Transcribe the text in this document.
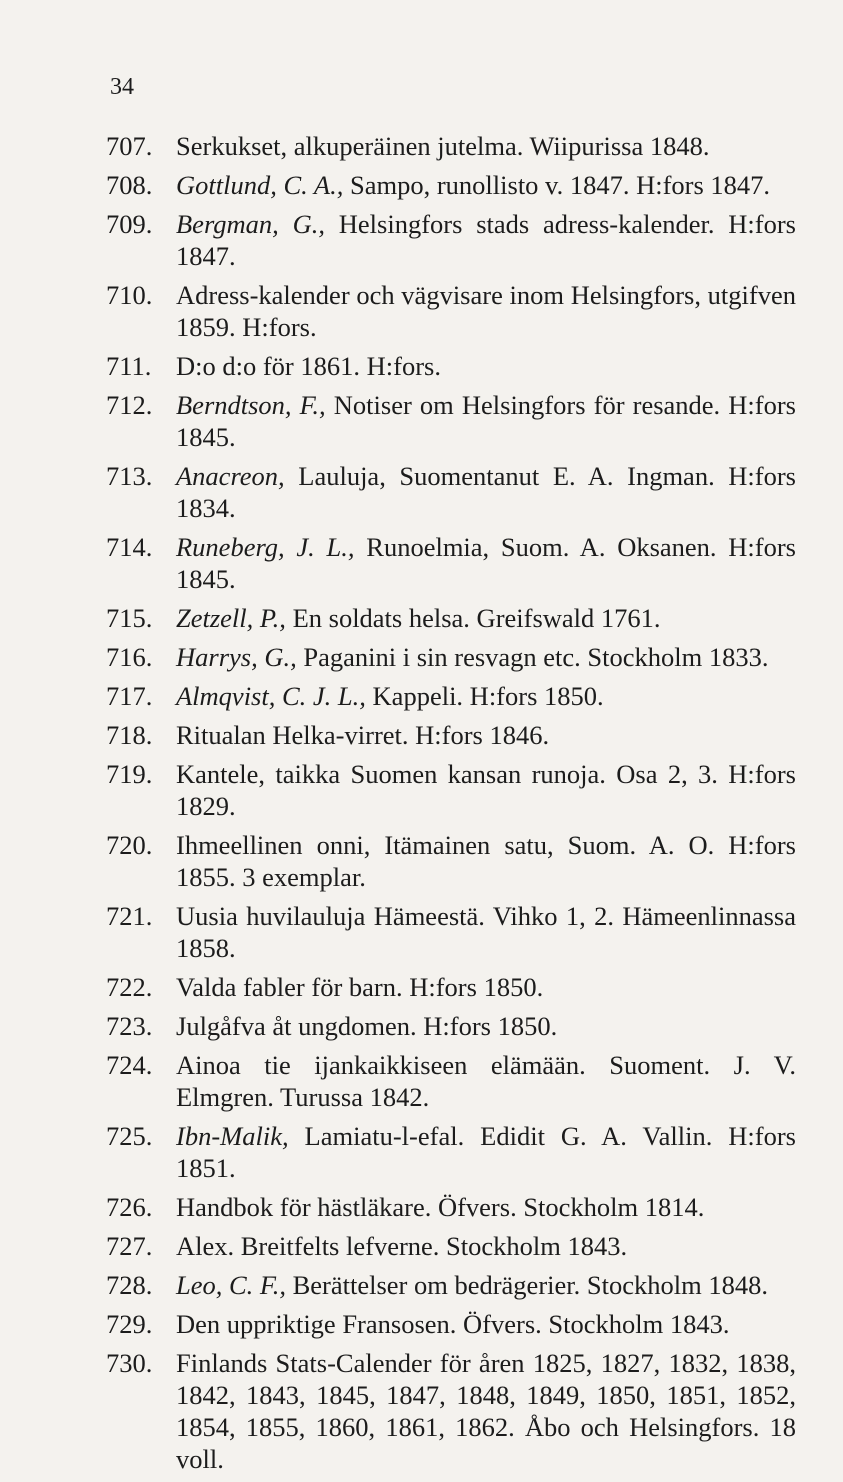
34
707. Serkukset, alkuperäinen jutelma. Wiipurissa 1848.
708. Gottlund, C. A., Sampo, runollisto v. 1847. H:fors 1847.
709. Bergman, G., Helsingfors stads adress-kalender. H:fors 1847.
710. Adress-kalender och vägvisare inom Helsingfors, utgifven 1859. H:fors.
711. D:o d:o för 1861. H:fors.
712. Berndtson, F., Notiser om Helsingfors för resande. H:fors 1845.
713. Anacreon, Lauluja, Suomentanut E. A. Ingman. H:fors 1834.
714. Runeberg, J. L., Runoelmia, Suom. A. Oksanen. H:fors 1845.
715. Zetzell, P., En soldats helsa. Greifswald 1761.
716. Harrys, G., Paganini i sin resvagn etc. Stockholm 1833.
717. Almqvist, C. J. L., Kappeli. H:fors 1850.
718. Ritualan Helka-virret. H:fors 1846.
719. Kantele, taikka Suomen kansan runoja. Osa 2, 3. H:fors 1829.
720. Ihmeellinen onni, Itämainen satu, Suom. A. O. H:fors 1855. 3 exemplar.
721. Uusia huvilauluja Hämeestä. Vihko 1, 2. Hämeenlinnassa 1858.
722. Valda fabler för barn. H:fors 1850.
723. Julgåfva åt ungdomen. H:fors 1850.
724. Ainoa tie ijankaikkiseen elämään. Suoment. J. V. Elmgren. Turussa 1842.
725. Ibn-Malik, Lamiatu-l-efal. Edidit G. A. Vallin. H:fors 1851.
726. Handbok för hästläkare. Öfvers. Stockholm 1814.
727. Alex. Breitfelts lefverne. Stockholm 1843.
728. Leo, C. F., Berättelser om bedrägerier. Stockholm 1848.
729. Den uppriktige Fransosen. Öfvers. Stockholm 1843.
730. Finlands Stats-Calender för åren 1825, 1827, 1832, 1838, 1842, 1843, 1845, 1847, 1848, 1849, 1850, 1851, 1852, 1854, 1855, 1860, 1861, 1862. Åbo och Helsingfors. 18 voll.
